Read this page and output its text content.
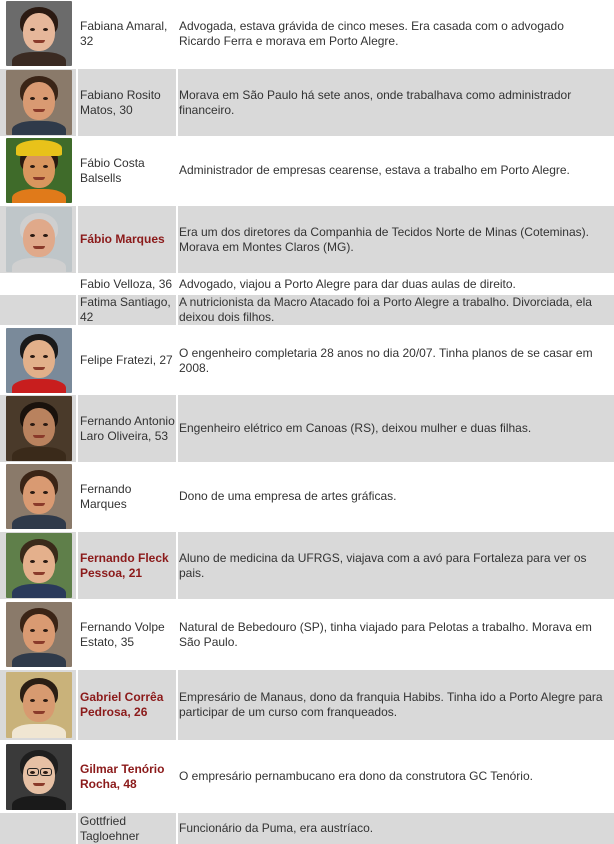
Fabiana Amaral, 32
Advogada, estava grávida de cinco meses. Era casada com o advogado Ricardo Ferra e morava em Porto Alegre.
Fabiano Rosito Matos, 30
Morava em São Paulo há sete anos, onde trabalhava como administrador financeiro.
Fábio Costa Balsells
Administrador de empresas cearense, estava a trabalho em Porto Alegre.
Fábio Marques
Era um dos diretores da Companhia de Tecidos Norte de Minas (Coteminas). Morava em Montes Claros (MG).
Fabio Velloza, 36 Advogado, viajou a Porto Alegre para dar duas aulas de direito.
Fatima Santiago, 42
A nutricionista da Macro Atacado foi a Porto Alegre a trabalho. Divorciada, ela deixou dois filhos.
Felipe Fratezi, 27
O engenheiro completaria 28 anos no dia 20/07. Tinha planos de se casar em 2008.
Fernando Antonio Laro Oliveira, 53
Engenheiro elétrico em Canoas (RS), deixou mulher e duas filhas.
Fernando Marques
Dono de uma empresa de artes gráficas.
Fernando Fleck Pessoa, 21
Aluno de medicina da UFRGS, viajava com a avó para Fortaleza para ver os pais.
Fernando Volpe Estato, 35
Natural de Bebedouro (SP), tinha viajado para Pelotas a trabalho. Morava em São Paulo.
Gabriel Corrêa Pedrosa, 26
Empresário de Manaus, dono da franquia Habibs. Tinha ido a Porto Alegre para participar de um curso com franqueados.
Gilmar Tenório Rocha, 48
O empresário pernambucano era dono da construtora GC Tenório.
Gottfried Tagloehner
Funcionário da Puma, era austríaco.
